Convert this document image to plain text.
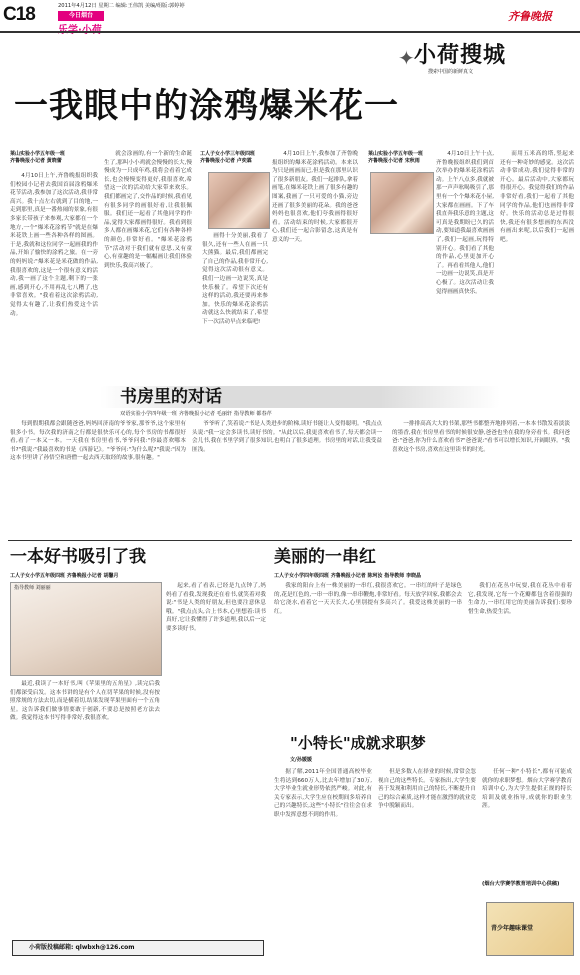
C18	2011年4月12日 星期二 编辑:王伟凯 美编/组版:郭婷婷
今日烟台	齐鲁晚报
✦ 小荷搜城
搜索中国的新鲜真文
一我眼中的涂鸦爆米花一
莱山实验小学五年级一班
齐鲁晚报小记者 黄晓蕾

4月10日上午,齐鲁晚报组织我们校园小记者去我国首届涂鸦爆米花节活动,我参加了这次活动,我非常高兴。我十点左右就到了目的地,一走到那里,真是一番热闹的景象,有很多家长带孩子来参观,大家都在一个地方,一个"爆米花涂鸦节"就是在爆米花铁上画一些各种各样的图画。于是,我就和这位同学一起画我的作品,开始了愉快的涂鸦之旅。在一旁的妈妈说:"爆米花是米花做的作品,我很喜欢的,这是一个很有意义的活动,我一画了这个主题,剩下的一张画,感到开心,不用再乱七八糟了,也非常喜欢。"我看着这次涂鸦活动,觉得太有趣了,让我们热爱这个活动。

就会涂画的,有一个新的生命诞生了,那叫小小鸡就会慢慢的长大,慢慢成为一只成年鸡,我将会看着它成长,也会慢慢变得更好,我很喜欢,希望这一次的活动给大家带来欢乐。我们都画完了,交作品的时候,我看见有很多同学的画很好看,让我很佩服。我们还一起看了其他同学的作品,觉得大家都画得很好。我看到很多人都在画爆米花,它们有各种各样的颜色,非常好看。"爆米花涂鸦节"活动对于我们就有意思,又有童心,有童趣的是一幅幅画让我们体验到快乐,我高兴极了。

工人子女小学三年级四班
齐鲁晚报小记者 卢奕霖

4月10日上午,我参加了齐鲁晚报组织的爆米花涂鸦活动。本来以为只是画画而已,但是我在那里认识了很多新朋友。我们一起排队,拿着画笔,在爆米花铁上画了很多有趣的图案,我画了一只可爱的小猫,旁边还画了很多美丽的花朵。我的爸爸妈妈也很喜欢,他们夸我画得很好看。活动结束的时候,大家都很开心,我们还一起合影留念,这真是有意义的一天。

画得十分美丽,我看了很久,还有一些人在画一只大熊猫。最后,我们都画完了自己的作品,我非常开心,觉得这次活动很有意义。我们一边画一边说笑,真是快乐极了。希望下次还有这样的活动,我还要再来参加。快乐的爆米花涂鸦活动就这么快就结束了,希望下一次活动早点来临吧!

莱山实验小学五年级一班
齐鲁晚报小记者 宋秋雨

4月10日上午十点,齐鲁晚报组织我们到首次举办的爆米花涂鸦活动。上午八点多,我就被那一声声吆喝吸引了,那里有一个个爆米花小屋,大家都在画画。下了车我直奔我乐意的主题,这可真是我期盼已久的活动,要知道我最喜欢画画了,我们一起画,玩得特别开心。我们看了其他的作品,心里更加开心了。再看看其他人,他们一边画一边说笑,真是开心极了。这次活动让我觉得画画真快乐。

而用五米高的塔,竖起来还有一种奇妙的感觉。这次活动非常成功,我们觉得非常的开心。最后活动中,大家都玩得很开心。我觉得我们的作品非常好看,我们一起看了其他同学的作品,他们也画得非常好。快乐的活动总是过得很快,我还有很多想画的东西没有画出来呢,以后我们一起画吧。

书房里的对话
双语实验小学四年级一班 齐鲁晚报小记者 毛丽轩 指导教师 都春芹

每到假期我都会跟随爸爸,妈妈回济南的爷爷家,那爷爷,这个家里有很多小书。每次我的济南之行都是很快乐可心的,每个书房的书都很好看,看了一本又一本。一天我在书房里看书,爷爷问我:"你最喜欢哪本书?"我说:"我最喜欢的书是《西游记》。"爷爷问:"为什么呢?"我说:"因为这本书里讲了孙悟空和唐僧一起去西天取经的故事,很有趣。"

爷爷听了,笑着说:"书是人类进步的阶梯,读好书能让人变得聪明。"我点点头说:"我一定会多读书,读好书的。"从此以后,我更喜欢看书了,每天都会读一会儿书,我在书里学到了很多知识,也明白了很多道理。书房里的对话,让我受益匪浅。

一排排高高大大的书架,那些书都整齐地排列着,一本本书散发着淡淡的墨香,我在书房里看书的时候很安静,爸爸也坐在我的身旁看书。我问爸爸:"爸爸,你为什么喜欢看书?"爸爸说:"看书可以增长知识,开阔眼界。"我喜欢这个书房,喜欢在这里读书的时光。

一本好书吸引了我
工人子女小学五年级四班 齐鲁晚报小记者 胡馨月
指导教师 刘丽丽

最近,我读了一本好书,叫《苹果里的五角星》,读完后我们都深受启发。这本书讲的是有个人在切苹果的时候,没有按照常规的方法去切,而是横着切,结果发现苹果里面有一个五角星。这告诉我们做事情要敢于创新,不要总是按照老方法去做。我觉得这本书写得非常好,我很喜欢。

起来,看了看表,已经是九点钟了,妈妈看了看我,发现我还在看书,就笑着对我说:"书是人类的好朋友,但也要注意休息哦。"我点点头,合上书本,心里想着:读书真好,它让我懂得了许多道理,我以后一定要多读好书。

小荷版投稿邮箱: qlwbxh@126.com
美丽的一串红
工人子女小学四年级四班 齐鲁晚报小记者 陈珂汝 指导教师 李晓晶

我家的阳台上有一株美丽的一串红,我很喜欢它。一串红的叶子是绿色的,花是红色的,一串一串的,像一串串鞭炮,非常好看。每天放学回家,我都会去给它浇水,看着它一天天长大,心里别提有多高兴了。我爱这株美丽的一串红。

我们在花丛中玩耍,我在花丛中看着它,我发现,它每一个花瓣都包含着很强的生命力,一串红用它的美丽告诉我们:要珍惜生命,热爱生活。

"小特长"成就求职梦
文/孙媛媛

据了解,2011年全国普通高校毕业生将达到660万人,比去年增加了30万,大学毕业生就业形势依然严峻。对此,有关专家表示,大学生应在校期间多培养自己的兴趣特长,这些"小特长"往往会在求职中发挥意想不到的作用。

但是多数人在择业的时候,常常会忽视自己的这些特长。专家指出,大学生要善于发现和利用自己的特长,不断提升自己的综合素质,这样才能在激烈的就业竞争中脱颖而出。

任何一种"小特长",都有可能成就你的求职梦想。烟台大学赛学教育培训中心,为大学生提供正规的特长培训及就业指导,成就你的职业生涯。

(烟台大学赛学教育培训中心供稿)
青少年趣味课堂
